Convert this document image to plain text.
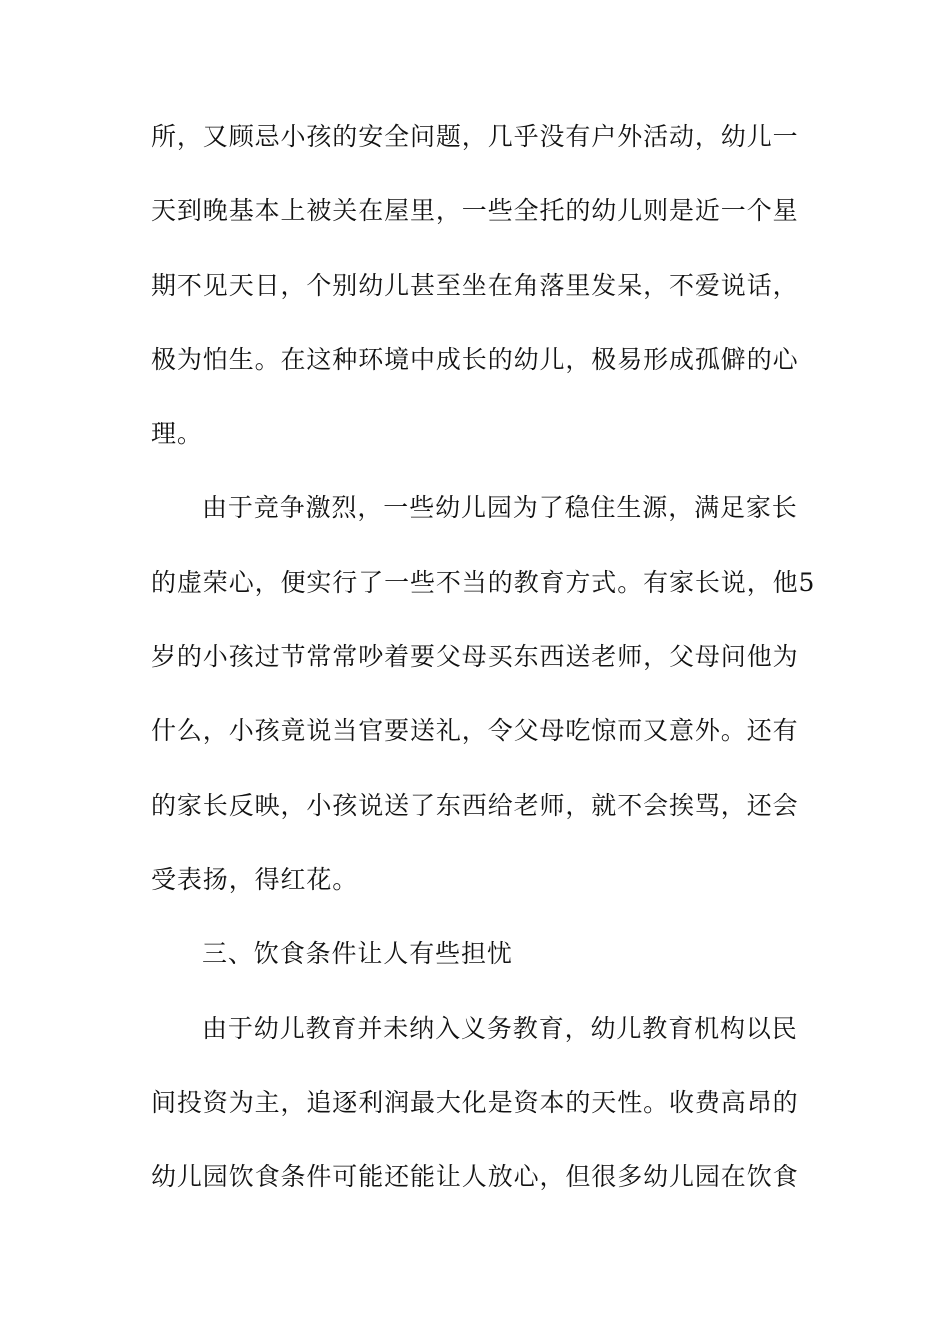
所，又顾忌小孩的安全问题，几乎没有户外活动，幼儿一
天到晚基本上被关在屋里，一些全托的幼儿则是近一个星
期不见天日，个别幼儿甚至坐在角落里发呆，不爱说话，
极为怕生。在这种环境中成长的幼儿，极易形成孤僻的心
理。
由于竞争激烈，一些幼儿园为了稳住生源，满足家长
的虚荣心，便实行了一些不当的教育方式。有家长说，他5
岁的小孩过节常常吵着要父母买东西送老师，父母问他为
什么，小孩竟说当官要送礼，令父母吃惊而又意外。还有
的家长反映，小孩说送了东西给老师，就不会挨骂，还会
受表扬，得红花。
三、饮食条件让人有些担忧
由于幼儿教育并未纳入义务教育，幼儿教育机构以民
间投资为主，追逐利润最大化是资本的天性。收费高昂的
幼儿园饮食条件可能还能让人放心，但很多幼儿园在饮食
